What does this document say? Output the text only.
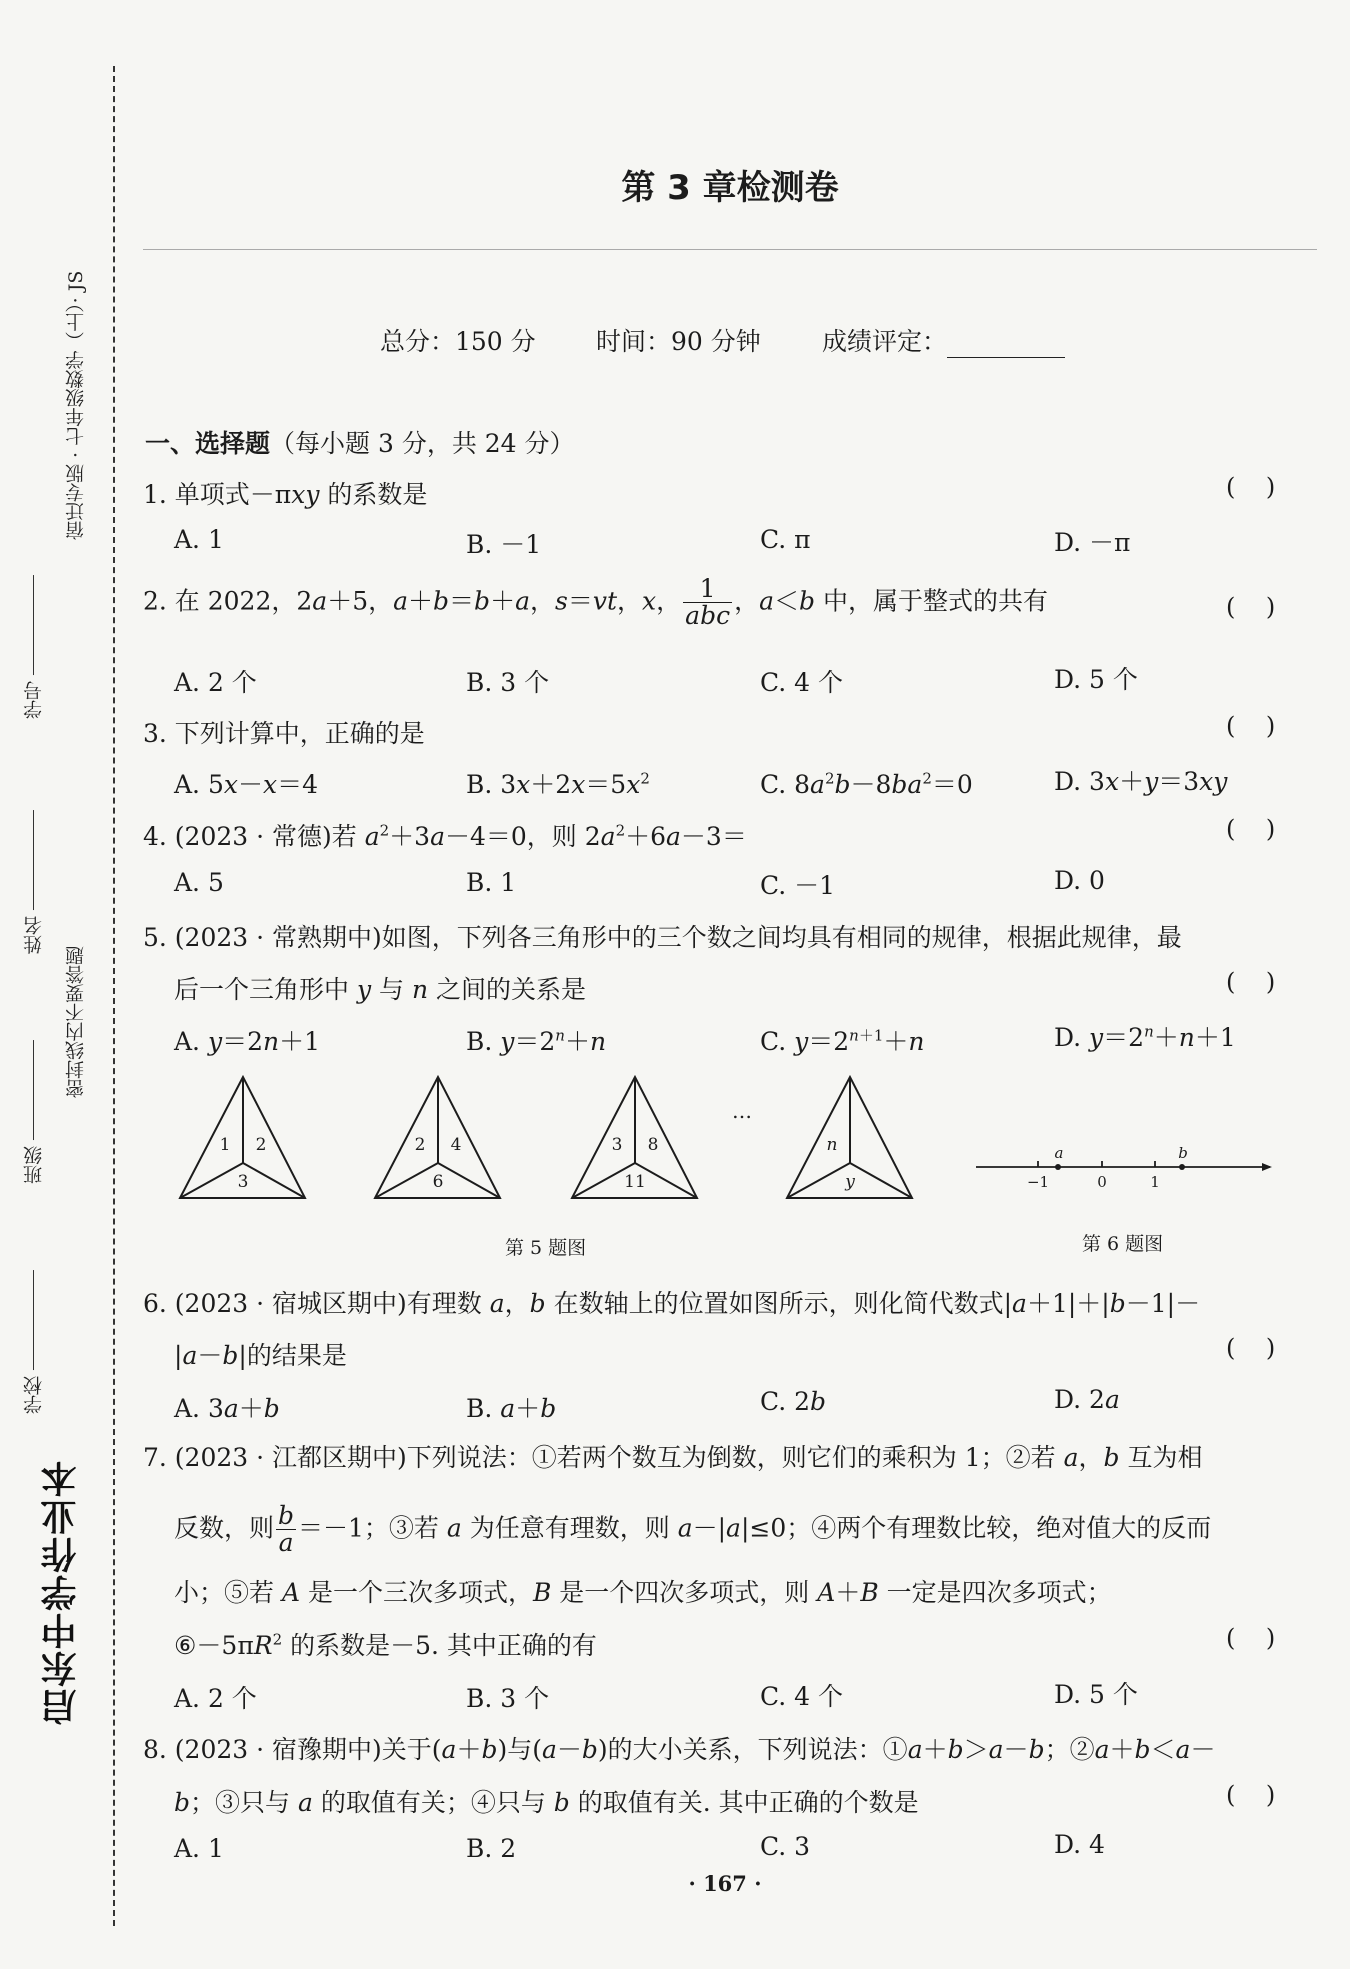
宿迁专版 · 七年级数学（上）· JS
密封线内不要答题
学号
姓名
班级
学校
启东中学作业本
第 3 章检测卷
总分：150 分 时间：90 分钟 成绩评定：
一、选择题（每小题 3 分，共 24 分）
1. 单项式－πxy 的系数是	(    )
A. 1	B. －1	C. π	D. －π
2. 在 2022，2a＋5，a＋b＝b＋a，s＝vt，x， $\frac{1}{\text{abc}}$ ，a＜b 中，属于整式的共有	(    )
A. 2 个	B. 3 个	C. 4 个	D. 5 个
3. 下列计算中，正确的是	(    )
A. 5x－x＝4	B. $3x+2x=5x^2$	C. $8a^2b-8ba^2=0$	D. 3x＋y＝3xy
4. (2023 · 常德)若 $a^2+3a-4=0$，则 $2a^2+6a-3=$	(    )
A. 5	B. 1	C. －1	D. 0
5. (2023 · 常熟期中)如图，下列各三角形中的三个数之间均具有相同的规律，根据此规律，最
后一个三角形中 y 与 n 之间的关系是	(    )
A. y＝2n＋1	B. $y=2^n+n$	C. $y=2^{n+1}+n$	D. $y=2^n+n+1$
1 2
3
2 4
6
3 8
11
n
y
…
第 5 题图
−1	0	1
a	b
第 6 题图
6. (2023 · 宿城区期中)有理数 a，b 在数轴上的位置如图所示，则化简代数式|a＋1|＋|b－1|－
|a－b|的结果是	(    )
A. 3a＋b	B. a＋b	C. 2b	D. 2a
7. (2023 · 江都区期中)下列说法：①若两个数互为倒数，则它们的乘积为 1；②若 a，b 互为相
反数，则 $\frac{b}{a} =-1$；③若 a 为任意有理数，则 a－|a|≤0；④两个有理数比较，绝对值大的反而
小；⑤若 A 是一个三次多项式，B 是一个四次多项式，则 A＋B 一定是四次多项式；
$⑥-5\pi R^2$ 的系数是－5. 其中正确的有	(    )
A. 2 个	B. 3 个	C. 4 个	D. 5 个
8. (2023 · 宿豫期中)关于(a＋b)与(a－b)的大小关系，下列说法：①a＋b＞a－b；②a＋b＜a－
b；③只与 a 的取值有关；④只与 b 的取值有关. 其中正确的个数是	(    )
A. 1	B. 2	C. 3	D. 4
· 167 ·
